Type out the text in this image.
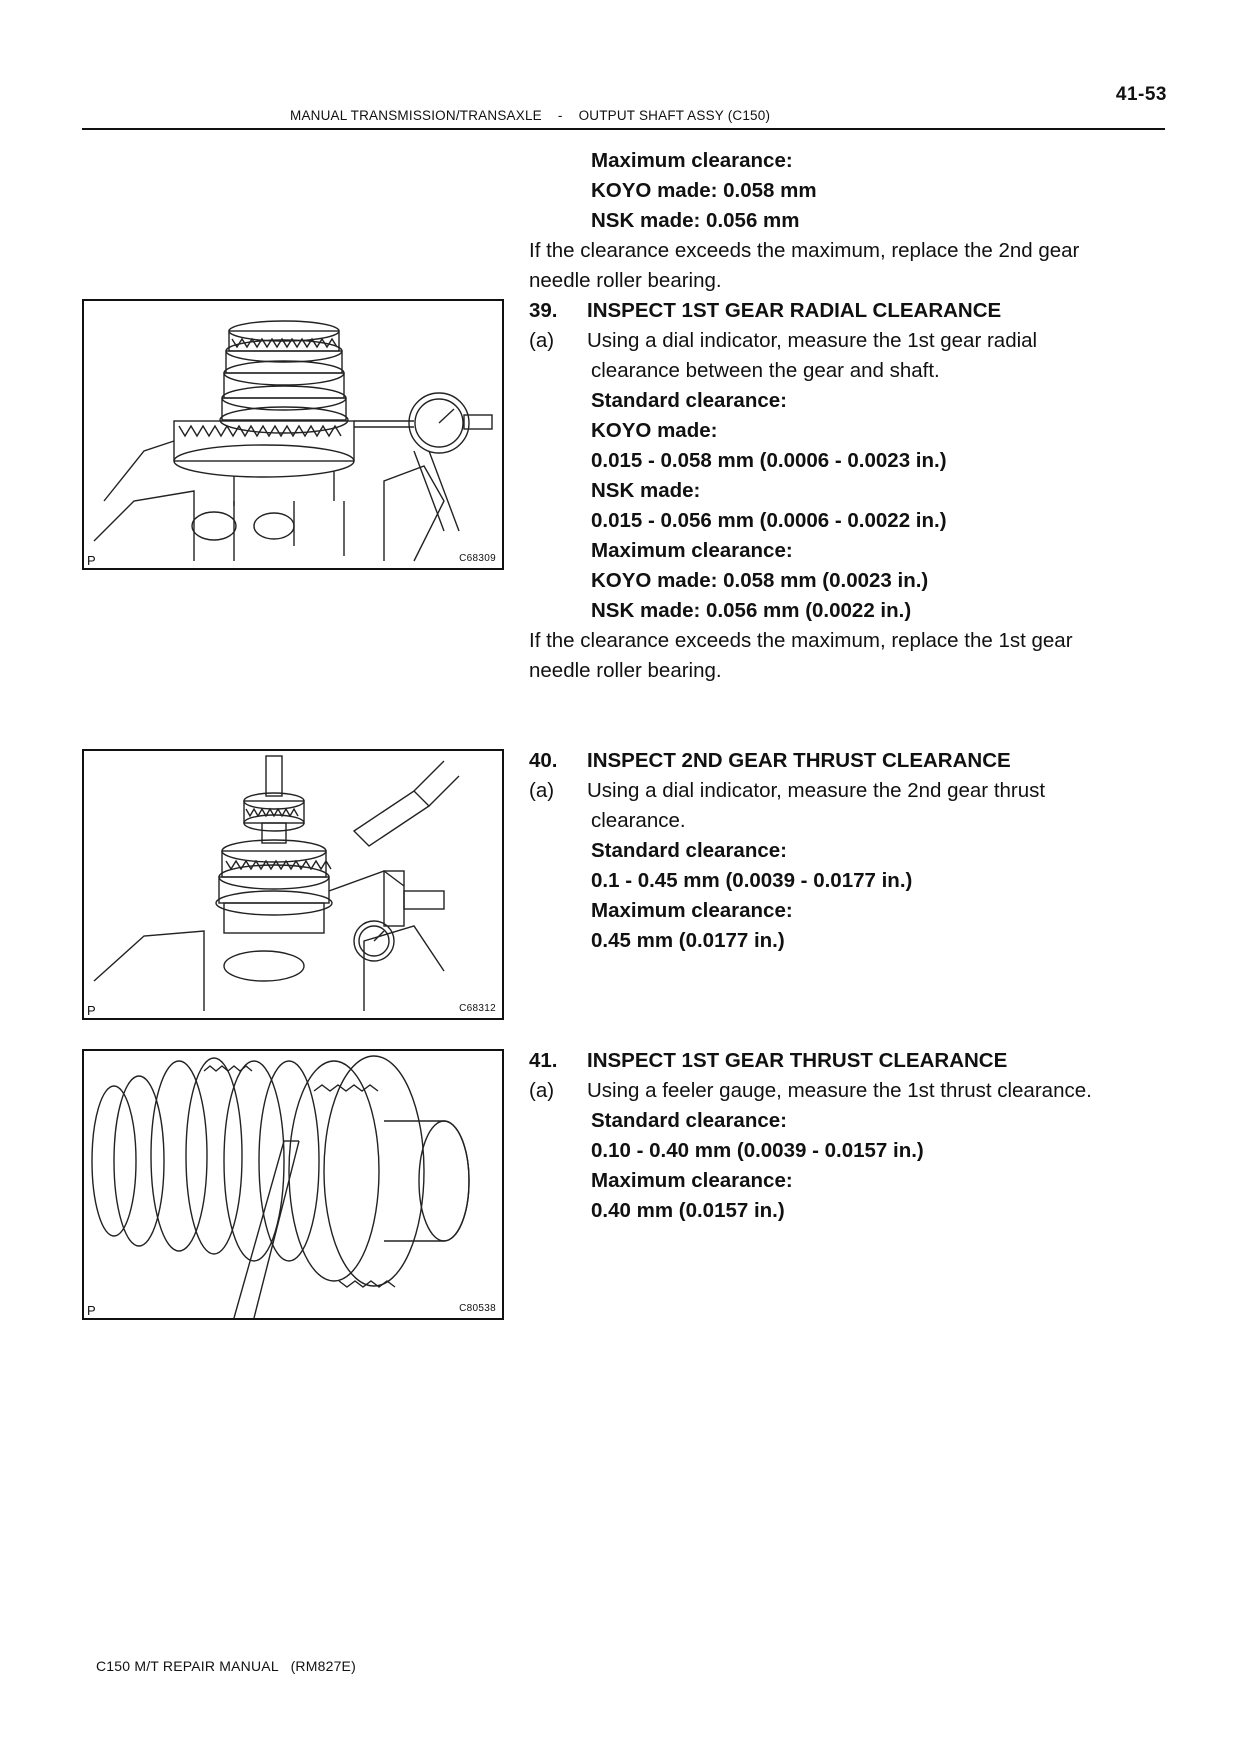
41-53
MANUAL TRANSMISSION/TRANSAXLE - OUTPUT SHAFT ASSY (C150)
Maximum clearance:
KOYO made: 0.058 mm
NSK made: 0.056 mm
If the clearance exceeds the maximum, replace the 2nd gear
needle roller bearing.
39. INSPECT 1ST GEAR RADIAL CLEARANCE
(a) Using a dial indicator, measure the 1st gear radial
clearance between the gear and shaft.
Standard clearance:
KOYO made:
0.015 - 0.058 mm (0.0006 - 0.0023 in.)
NSK made:
0.015 - 0.056 mm (0.0006 - 0.0022 in.)
Maximum clearance:
KOYO made: 0.058 mm (0.0023 in.)
NSK made: 0.056 mm (0.0022 in.)
If the clearance exceeds the maximum, replace the 1st gear
needle roller bearing.
P	C68309
40. INSPECT 2ND GEAR THRUST CLEARANCE
(a) Using a dial indicator, measure the 2nd gear thrust
clearance.
Standard clearance:
0.1 - 0.45 mm (0.0039 - 0.0177 in.)
Maximum clearance:
0.45 mm (0.0177 in.)
P	C68312
41. INSPECT 1ST GEAR THRUST CLEARANCE
(a) Using a feeler gauge, measure the 1st thrust clearance.
Standard clearance:
0.10 - 0.40 mm (0.0039 - 0.0157 in.)
Maximum clearance:
0.40 mm (0.0157 in.)
P	C80538
C150 M/T REPAIR MANUAL   (RM827E)
